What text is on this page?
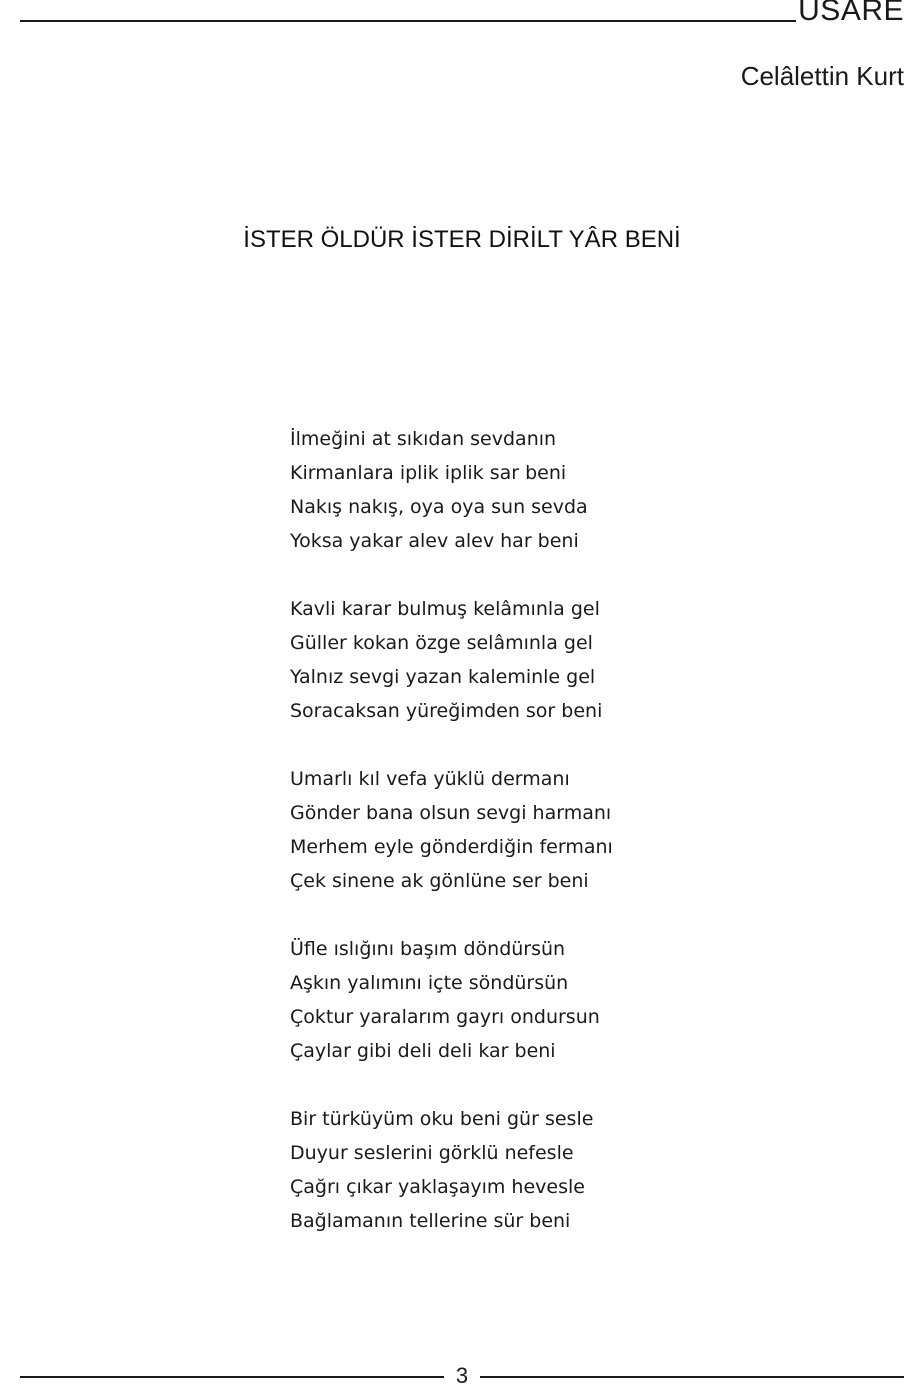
USARE
Celâlettin Kurt
İSTER ÖLDÜR İSTER DİRİLT YÂR BENİ
İlmeğini at sıkıdan sevdanın
Kirmanlara iplik iplik sar beni
Nakış nakış, oya oya sun sevda
Yoksa yakar alev alev har beni
Kavli karar bulmuş kelâmınla gel
Güller kokan özge selâmınla gel
Yalnız sevgi yazan kaleminle gel
Soracaksan yüreğimden sor beni
Umarlı kıl vefa yüklü dermanı
Gönder bana olsun sevgi harmanı
Merhem eyle gönderdiğin fermanı
Çek sinene ak gönlüne ser beni
Üfle ıslığını başım döndürsün
Aşkın yalımını içte söndürsün
Çoktur yaralarım gayrı ondursun
Çaylar gibi deli deli kar beni
Bir türküyüm oku beni gür sesle
Duyur seslerini görklü nefesle
Çağrı çıkar yaklaşayım hevesle
Bağlamanın tellerine sür beni
3
